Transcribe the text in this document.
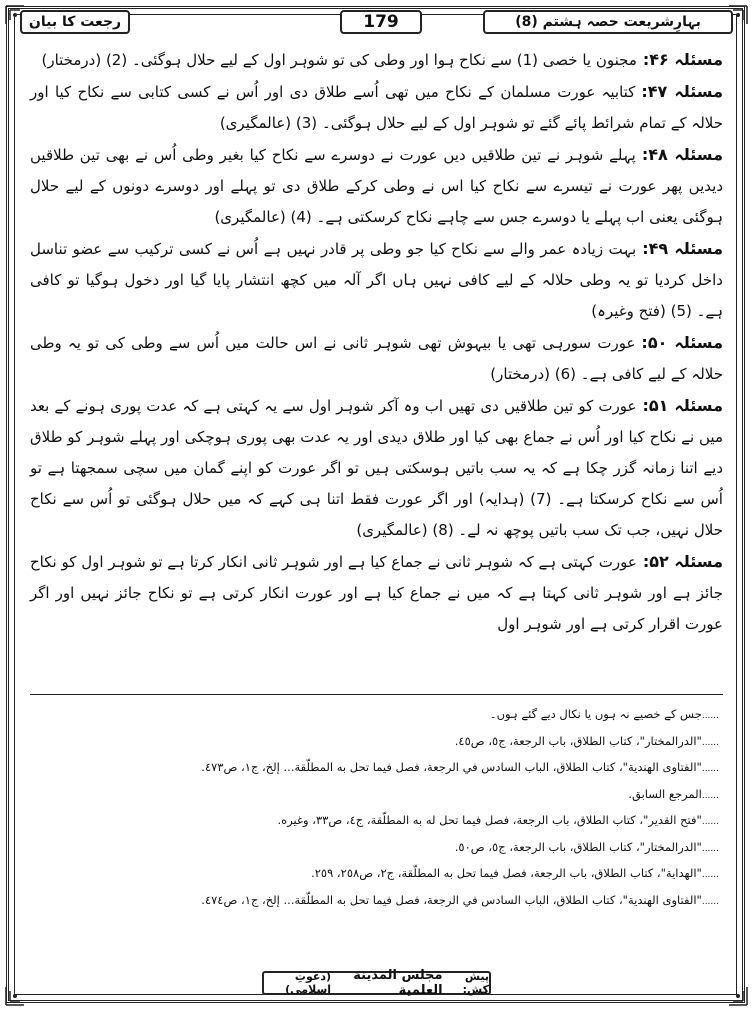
رجعت کا بیان	179	بہارِشریعت حصہ ہشتم (8)

مسئلہ ۴۶:مجنون یا خصی (1) سے نکاح ہوا اور وطی کی تو شوہر اول کے لیے حلال ہوگئی۔ (2) (درمختار)

مسئلہ ۴۷:کتابیہ عورت مسلمان کے نکاح میں تھی اُسے طلاق دی اور اُس نے کسی کتابی سے نکاح کیا اور حلالہ کے تمام شرائط پائے گئے تو شوہر اول کے لیے حلال ہوگئی۔ (3) (عالمگیری)

مسئلہ ۴۸:پہلے شوہر نے تین طلاقیں دیں عورت نے دوسرے سے نکاح کیا بغیر وطی اُس نے بھی تین طلاقیں دیدیں پھر عورت نے تیسرے سے نکاح کیا اس نے وطی کرکے طلاق دی تو پہلے اور دوسرے دونوں کے لیے حلال ہوگئی یعنی اب پہلے یا دوسرے جس سے چاہے نکاح کرسکتی ہے۔ (4) (عالمگیری)

مسئلہ ۴۹:بہت زیادہ عمر والے سے نکاح کیا جو وطی پر قادر نہیں ہے اُس نے کسی ترکیب سے عضو تناسل داخل کردیا تو یہ وطی حلالہ کے لیے کافی نہیں ہاں اگر آلہ میں کچھ انتشار پایا گیا اور دخول ہوگیا تو کافی ہے۔ (5) (فتح وغیرہ)

مسئلہ ۵۰:عورت سورہی تھی یا بیہوش تھی شوہر ثانی نے اس حالت میں اُس سے وطی کی تو یہ وطی حلالہ کے لیے کافی ہے۔ (6) (درمختار)

مسئلہ ۵۱:عورت کو تین طلاقیں دی تھیں اب وہ آکر شوہر اول سے یہ کہتی ہے کہ عدت پوری ہونے کے بعد میں نے نکاح کیا اور اُس نے جماع بھی کیا اور طلاق دیدی اور یہ عدت بھی پوری ہوچکی اور پہلے شوہر کو طلاق دیے اتنا زمانہ گزر چکا ہے کہ یہ سب باتیں ہوسکتی ہیں تو اگر عورت کو اپنے گمان میں سچی سمجھتا ہے تو اُس سے نکاح کرسکتا ہے۔ (7) (ہدایہ) اور اگر عورت فقط اتنا ہی کہے کہ میں حلال ہوگئی تو اُس سے نکاح حلال نہیں، جب تک سب باتیں پوچھ نہ لے۔ (8) (عالمگیری)

مسئلہ ۵۲:عورت کہتی ہے کہ شوہر ثانی نے جماع کیا ہے اور شوہر ثانی انکار کرتا ہے تو شوہر اول کو نکاح جائز ہے اور شوہر ثانی کہتا ہے کہ میں نے جماع کیا ہے اور عورت انکار کرتی ہے تو نکاح جائز نہیں اور اگر عورت اقرار کرتی ہے اور شوہر اول

......جس کے خصیے نہ ہوں یا نکال دیے گئے ہوں۔

......"الدرالمختار"، كتاب الطلاق، باب الرجعة، ج٥، ص٤٥.

......"الفتاوى الهندية"، كتاب الطلاق، الباب السادس في الرجعة، فصل فيما تحل به المطلّقة... إلخ، ج١، ص٤٧٣.

......المرجع السابق.

......"فتح القدير"، كتاب الطلاق، باب الرجعة، فصل فيما تحل له به المطلّقة، ج٤، ص٣٣، وغيره.

......"الدرالمختار"، كتاب الطلاق، باب الرجعة، ج٥، ص٥٠.

......"الهداية"، كتاب الطلاق، باب الرجعة، فصل فيما تحل به المطلّقة، ج٢، ص٢٥٨، ٢٥٩.

......"الفتاوى الهندية"، كتاب الطلاق، الباب السادس في الرجعة، فصل فيما تحل به المطلّقة... إلخ، ج١، ص٤٧٤.

پیش کش:
مجلس المدينة العلمية
(دعوتِ اسلامی)
